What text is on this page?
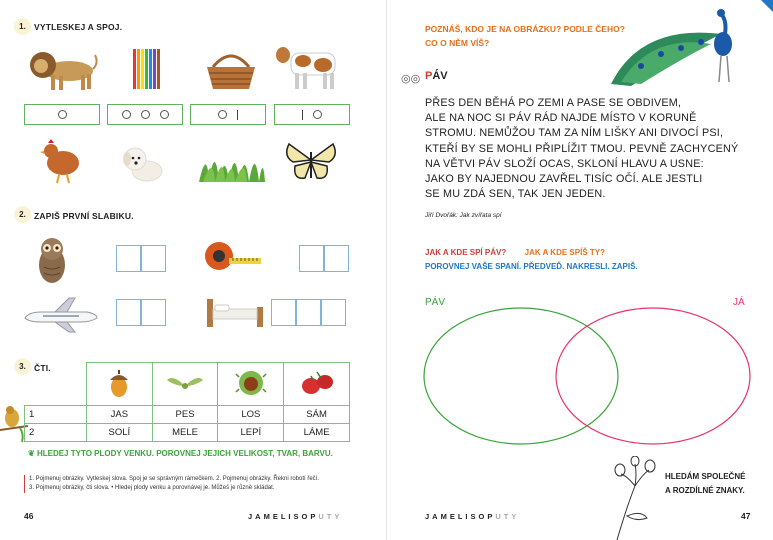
1. VYTLESKEJ A SPOJ.
2. ZAPIŠ PRVNÍ SLABIKU.
3. ČTI.

1	JAS	PES	LOS	SÁM
2	SOLÍ	MELE	LEPÍ	LÁME
❦ HLEDEJ TYTO PLODY VENKU. POROVNEJ JEJICH VELIKOST, TVAR, BARVU.
1. Pojmenuj obrázky. Vytleskej slova. Spoj je se správným rámečkem. 2. Pojmenuj obrázky. Řekni robotí řečí.
3. Pojmenuj obrázky, čti slova. • Hledej plody venku a porovnávej je. Můžeš je různě skládat.
46	JAMELISOPUTY
POZNÁŠ, KDO JE NA OBRÁZKU? PODLE ČEHO?
CO O NĚM VÍŠ?
◎◎ PÁV
PŘES DEN BĚHÁ PO ZEMI A PASE SE OBDIVEM,
ALE NA NOC SI PÁV RÁD NAJDE MÍSTO V KORUNĚ
STROMU. NEMŮŽOU TAM ZA NÍM LIŠKY ANI DIVOCÍ PSI,
KTEŘÍ BY SE MOHLI PŘIPLÍŽIT TMOU. PEVNĚ ZACHYCENÝ
NA VĚTVI PÁV SLOŽÍ OCAS, SKLONÍ HLAVU A USNE:
JAKO BY NAJEDNOU ZAVŘEL TISÍC OČÍ. ALE JESTLI
SE MU ZDÁ SEN, TAK JEN JEDEN.
Jiří Dvořák: Jak zvířata spí
JAK A KDE SPÍ PÁV? JAK A KDE SPÍŠ TY?
POROVNEJ VAŠE SPANÍ. PŘEDVEĎ. NAKRESLI. ZAPIŠ.
PÁV	JÁ
HLEDÁM SPOLEČNÉ
A ROZDÍLNÉ ZNAKY.
JAMELISOPUTY	47
